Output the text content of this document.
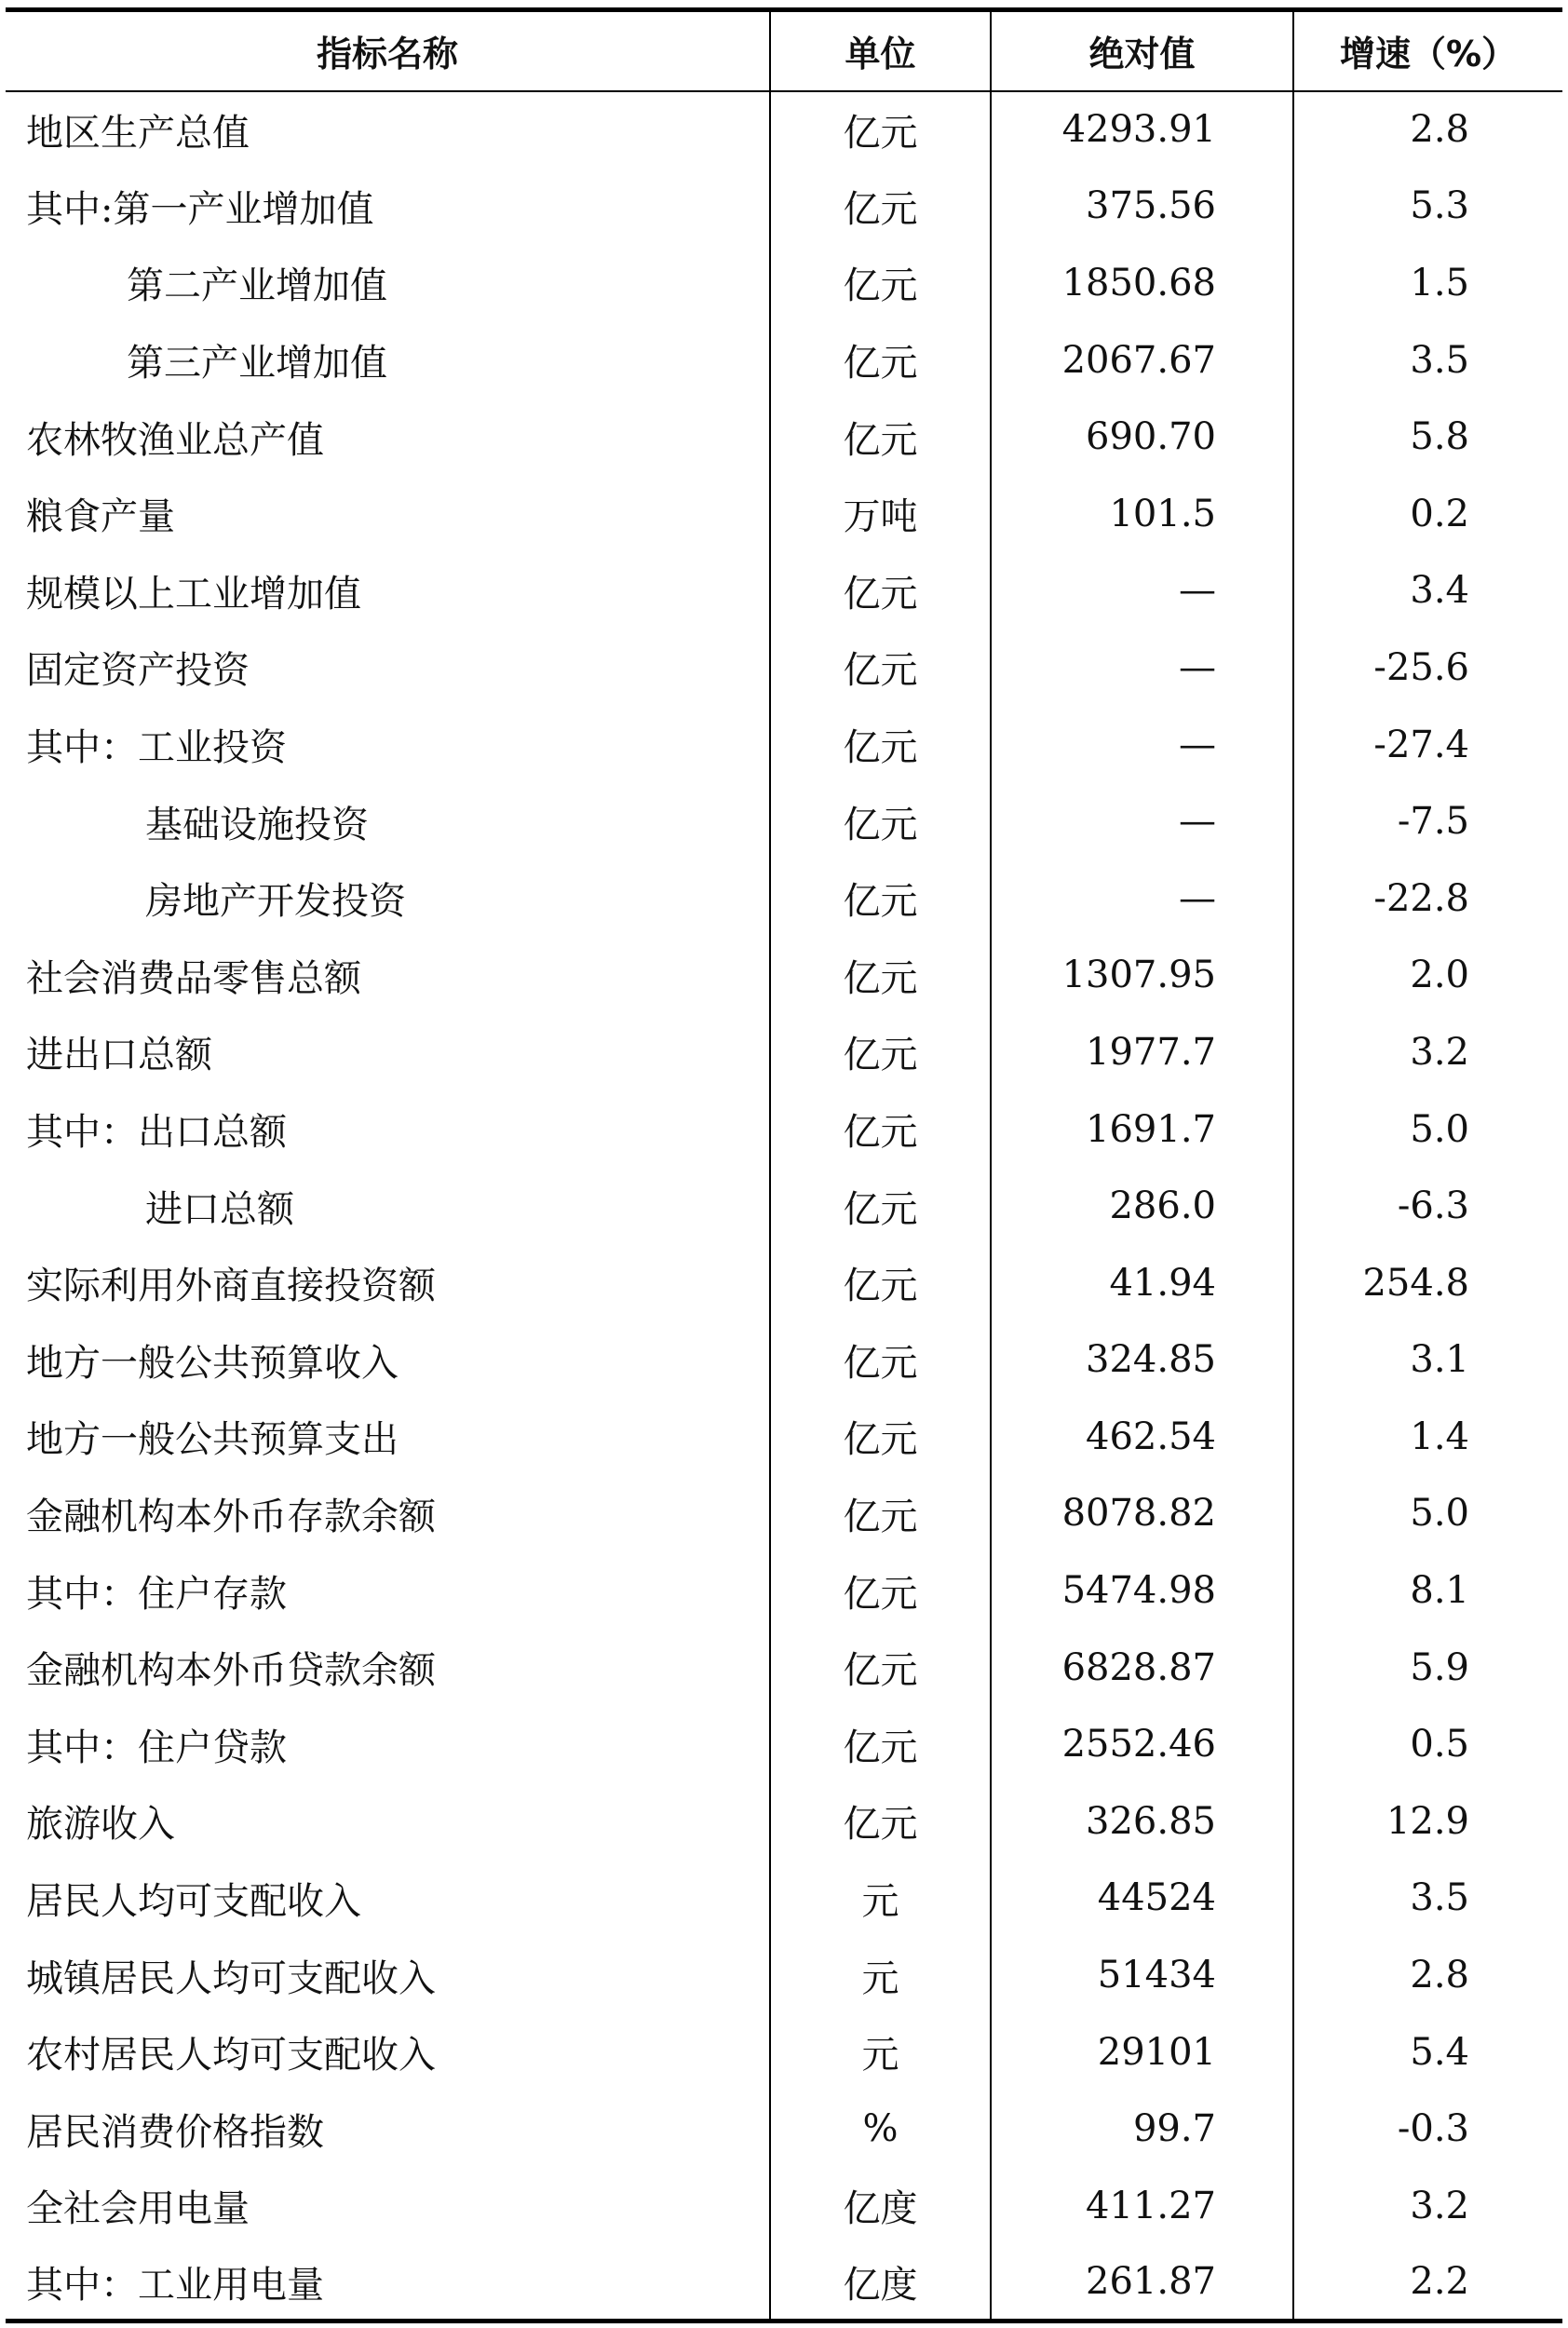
指标名称	单位	绝对值	增速（%）
地区生产总值	亿元	4293.91	2.8
其中:第一产业增加值	亿元	375.56	5.3
第二产业增加值	亿元	1850.68	1.5
第三产业增加值	亿元	2067.67	3.5
农林牧渔业总产值	亿元	690.70	5.8
粮食产量	万吨	101.5	0.2
规模以上工业增加值	亿元	—	3.4
固定资产投资	亿元	—	-25.6
其中：工业投资	亿元	—	-27.4
基础设施投资	亿元	—	-7.5
房地产开发投资	亿元	—	-22.8
社会消费品零售总额	亿元	1307.95	2.0
进出口总额	亿元	1977.7	3.2
其中：出口总额	亿元	1691.7	5.0
进口总额	亿元	286.0	-6.3
实际利用外商直接投资额	亿元	41.94	254.8
地方一般公共预算收入	亿元	324.85	3.1
地方一般公共预算支出	亿元	462.54	1.4
金融机构本外币存款余额	亿元	8078.82	5.0
其中：住户存款	亿元	5474.98	8.1
金融机构本外币贷款余额	亿元	6828.87	5.9
其中：住户贷款	亿元	2552.46	0.5
旅游收入	亿元	326.85	12.9
居民人均可支配收入	元	44524	3.5
城镇居民人均可支配收入	元	51434	2.8
农村居民人均可支配收入	元	29101	5.4
居民消费价格指数	%	99.7	-0.3
全社会用电量	亿度	411.27	3.2
其中：工业用电量	亿度	261.87	2.2
